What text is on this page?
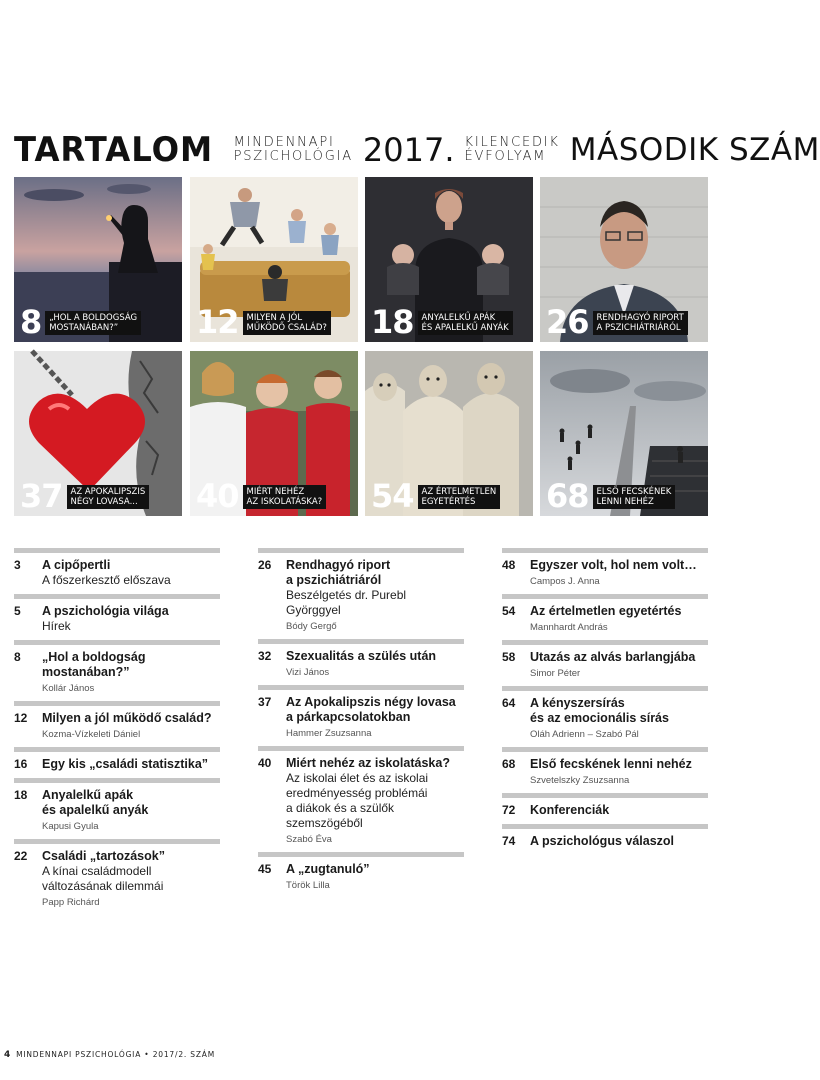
TARTALOM MINDENNAPI
PSZICHOLÓGIA 2017. KILENCEDIK
ÉVFOLYAM MÁSODIK SZÁM
8 „HOL A BOLDOGSÁG
MOSTANÁBAN?”	12 MILYEN A JÓL
MŰKÖDŐ CSALÁD? 18 ANYALELKŰ APÁK
ÉS APALELKŰ ANYÁK 26 RENDHAGYÓ RIPORT
A PSZICHIÁTRIÁRÓL
37 AZ APOKALIPSZIS
NÉGY LOVASA...	40 MIÉRT NEHÉZ
AZ ISKOLATÁSKA? 54 AZ ÉRTELMETLEN
EGYETÉRTÉS	68 ELSŐ FECSKÉNEK
LENNI NEHÉZ
3	A cipőpertli
A főszerkesztő előszava
5	A pszichológia világa
Hírek
8	„Hol a boldogság mostanában?”
Kollár János
12	Milyen a jól működő család?
Kozma-Vízkeleti Dániel
16	Egy kis „családi statisztika”
18	Anyalelkű apák
és apalelkű anyák
Kapusi Gyula
22	Családi „tartozások”
A kínai családmodell
változásának dilemmái
Papp Richárd
26	Rendhagyó riport
a pszichiátriáról
Beszélgetés dr. Purebl Györggyel
Bódy Gergő
32	Szexualitás a szülés után
Vizi János
37	Az Apokalipszis négy lovasa
a párkapcsolatokban
Hammer Zsuzsanna
40	Miért nehéz az iskolatáska?
Az iskolai élet és az iskolai
eredményesség problémái
a diákok és a szülők szemszögéből
Szabó Éva
45	A „zugtanuló”
Török Lilla
48	Egyszer volt, hol nem volt…
Campos J. Anna
54	Az értelmetlen egyetértés
Mannhardt András
58	Utazás az alvás barlangjába
Simor Péter
64	A kényszersírás
és az emocionális sírás
Oláh Adrienn – Szabó Pál
68	Első fecskének lenni nehéz
Szvetelszky Zsuzsanna
72	Konferenciák
74	A pszichológus válaszol
4 MINDENNAPI PSZICHOLÓGIA • 2017/2. SZÁM
